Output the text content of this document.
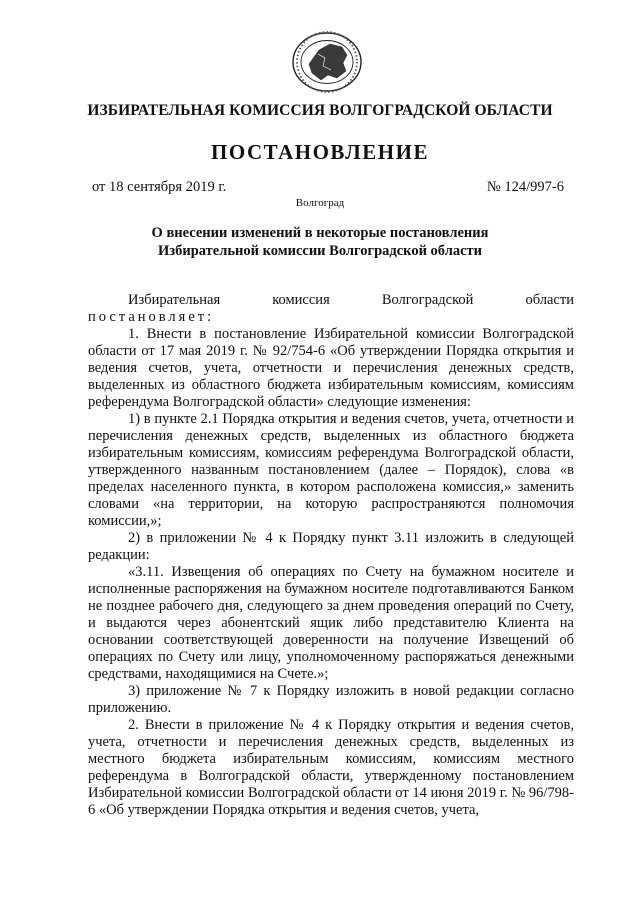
ИЗБИРАТЕЛЬНАЯ КОМИССИЯ ВОЛГОГРАДСКОЙ ОБЛАСТИ
ПОСТАНОВЛЕНИЕ
от 18 сентября 2019 г.	№ 124/997-6
Волгоград
О внесении изменений в некоторые постановления
Избирательной комиссии Волгоградской области

Избирательная	комиссия	Волгоградской	области

постановляет:

1. Внести в постановление Избирательной комиссии Волгоградской области от 17 мая 2019 г. № 92/754-6 «Об утверждении Порядка открытия и ведения счетов, учета, отчетности и перечисления денежных средств, выделенных из областного бюджета избирательным комиссиям, комиссиям референдума Волгоградской области» следующие изменения:

1) в пункте 2.1 Порядка открытия и ведения счетов, учета, отчетности и перечисления денежных средств, выделенных из областного бюджета избирательным комиссиям, комиссиям референдума Волгоградской области, утвержденного названным постановлением (далее – Порядок), слова «в пределах населенного пункта, в котором расположена комиссия,» заменить словами «на территории, на которую распространяются полномочия комиссии,»;

2) в приложении № 4 к Порядку пункт 3.11 изложить в следующей редакции:

«3.11. Извещения об операциях по Счету на бумажном носителе и исполненные распоряжения на бумажном носителе подготавливаются Банком не позднее рабочего дня, следующего за днем проведения операций по Счету, и выдаются через абонентский ящик либо представителю Клиента на основании соответствующей доверенности на получение Извещений об операциях по Счету или лицу, уполномоченному распоряжаться денежными средствами, находящимися на Счете.»;

3) приложение № 7 к Порядку изложить в новой редакции согласно приложению.

2. Внести в приложение № 4 к Порядку открытия и ведения счетов, учета, отчетности и перечисления денежных средств, выделенных из местного бюджета избирательным комиссиям, комиссиям местного референдума в Волгоградской области, утвержденному постановлением Избирательной комиссии Волгоградской области от 14 июня 2019 г. № 96/798-6 «Об утверждении Порядка открытия и ведения счетов, учета,
